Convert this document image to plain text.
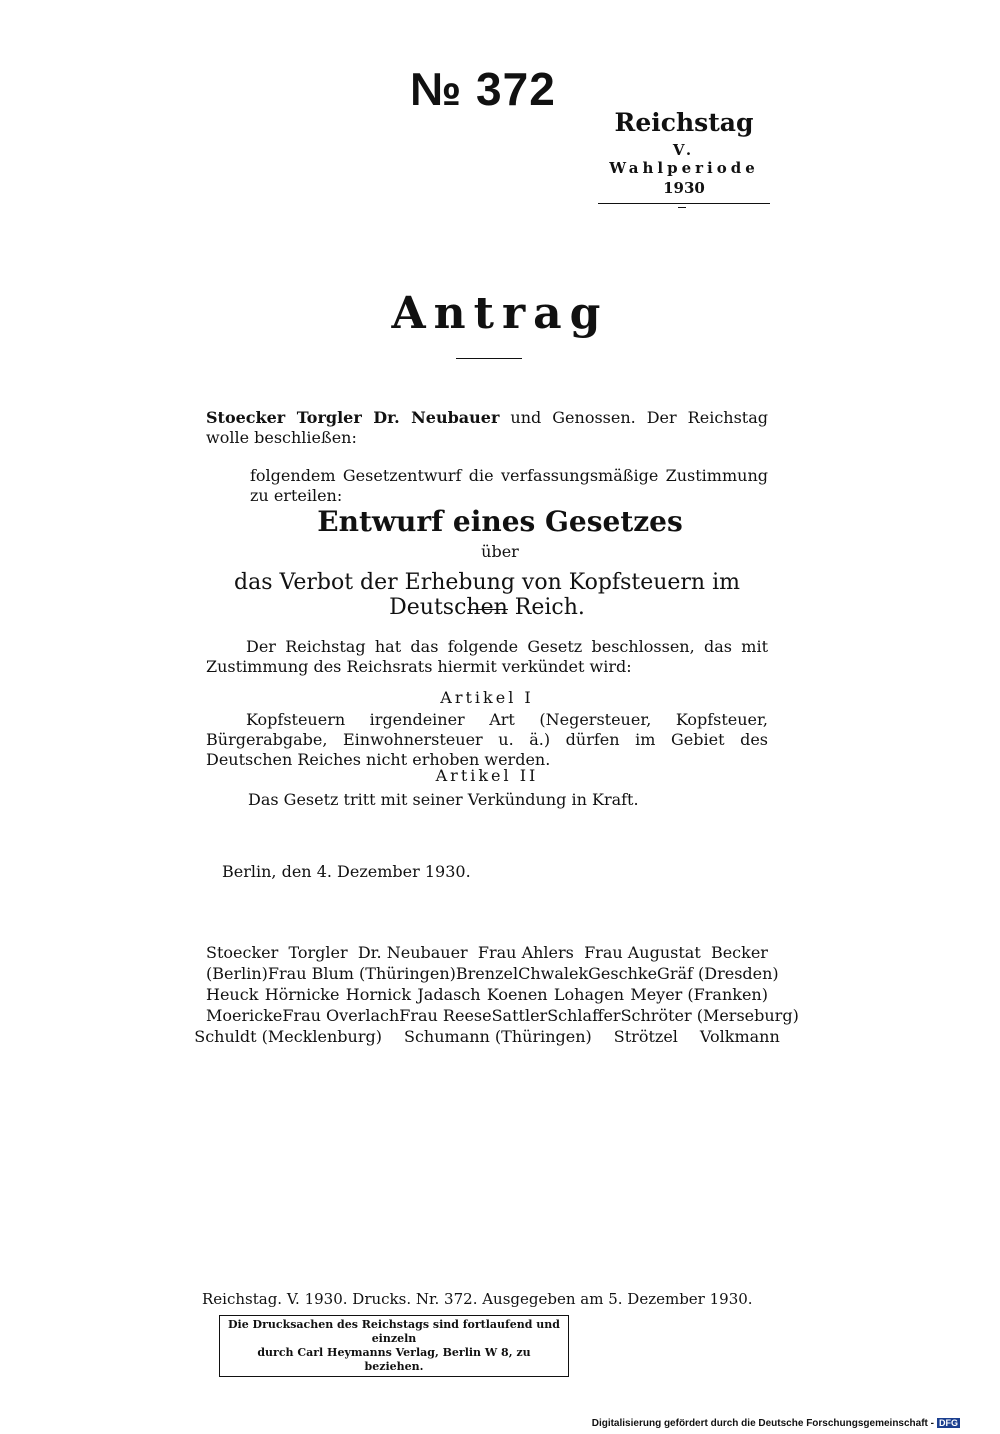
№ 372
Reichstag
V. Wahlperiode
1930
Antrag
Stoecker Torgler Dr. Neubauer und Genossen. Der Reichstag wolle beschließen:
folgendem Gesetzentwurf die verfassungsmäßige Zustimmung zu erteilen:
Entwurf eines Gesetzes
über
das Verbot der Erhebung von Kopfsteuern im Deutschen Reich.
Der Reichstag hat das folgende Gesetz beschlossen, das mit Zustimmung des Reichsrats hiermit verkündet wird:
Artikel I
Kopfsteuern irgendeiner Art (Negersteuer, Kopfsteuer, Bürgerabgabe, Einwohnersteuer u. ä.) dürfen im Gebiet des Deutschen Reiches nicht erhoben werden.
Artikel II
Das Gesetz tritt mit seiner Verkündung in Kraft.
Berlin, den 4. Dezember 1930.
Stoecker Torgler Dr. Neubauer Frau Ahlers Frau Augustat Becker
(Berlin) Frau Blum (Thüringen) Brenzel Chwalek Geschke Gräf (Dresden)
Heuck Hörnicke Hornick Jadasch Koenen Lohagen Meyer (Franken)
Moericke Frau Overlach Frau Reese Sattler Schlaffer Schröter (Merseburg)
Schuldt (Mecklenburg) Schumann (Thüringen) Strötzel Volkmann
Reichstag. V. 1930. Drucks. Nr. 372. Ausgegeben am 5. Dezember 1930.
Die Drucksachen des Reichstags sind fortlaufend und einzeln
durch Carl Heymanns Verlag, Berlin W 8, zu beziehen.
Digitalisierung gefördert durch die Deutsche Forschungsgemeinschaft - DFG
